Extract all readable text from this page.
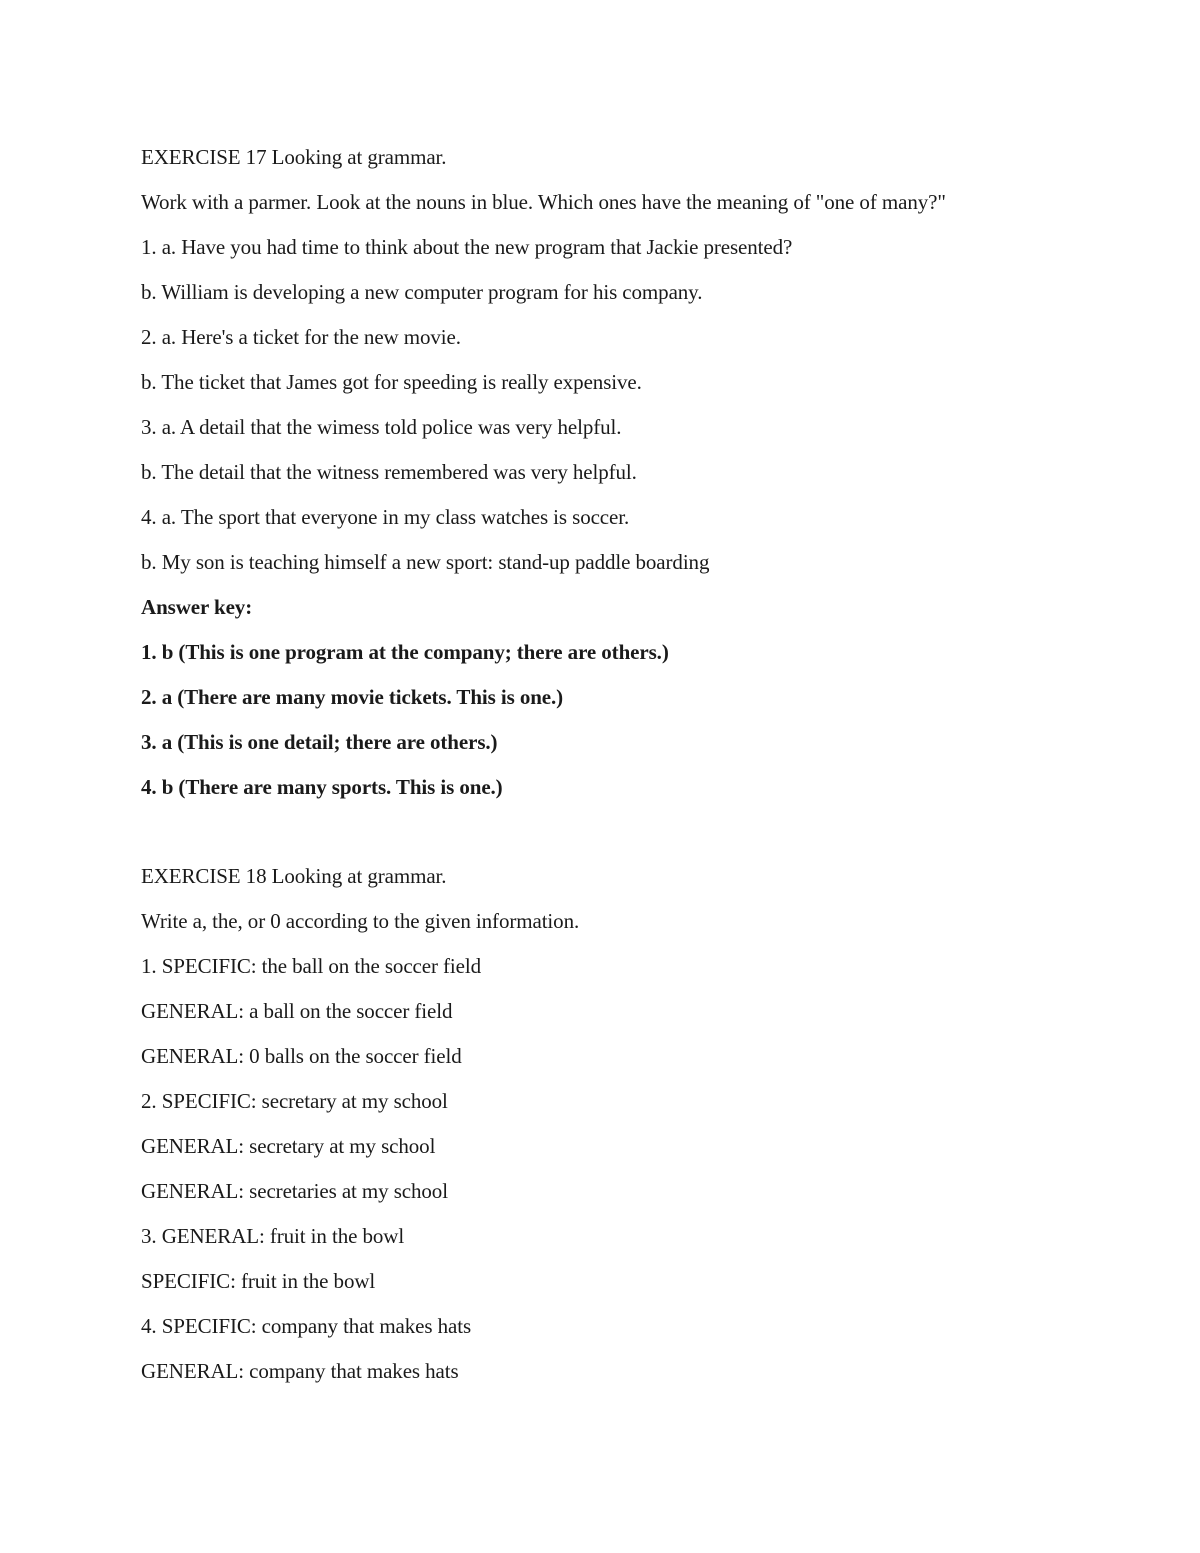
EXERCISE 17 Looking at grammar.
Work with a parmer. Look at the nouns in blue. Which ones have the meaning of "one of many?"
1. a. Have you had time to think about the new program that Jackie presented?
b. William is developing a new computer program for his company.
2. a. Here's a ticket for the new movie.
b. The ticket that James got for speeding is really expensive.
3. a. A detail that the wimess told police was very helpful.
b. The detail that the witness remembered was very helpful.
4. a. The sport that everyone in my class watches is soccer.
b. My son is teaching himself a new sport: stand-up paddle boarding
Answer key:
1. b (This is one program at the company; there are others.)
2. a (There are many movie tickets. This is one.)
3. a (This is one detail; there are others.)
4. b (There are many sports. This is one.)
EXERCISE 18 Looking at grammar.
Write a, the, or 0 according to the given information.
1. SPECIFIC: the ball on the soccer field
GENERAL: a ball on the soccer field
GENERAL: 0 balls on the soccer field
2. SPECIFIC: secretary at my school
GENERAL: secretary at my school
GENERAL: secretaries at my school
3. GENERAL: fruit in the bowl
SPECIFIC: fruit in the bowl
4. SPECIFIC: company that makes hats
GENERAL: company that makes hats
